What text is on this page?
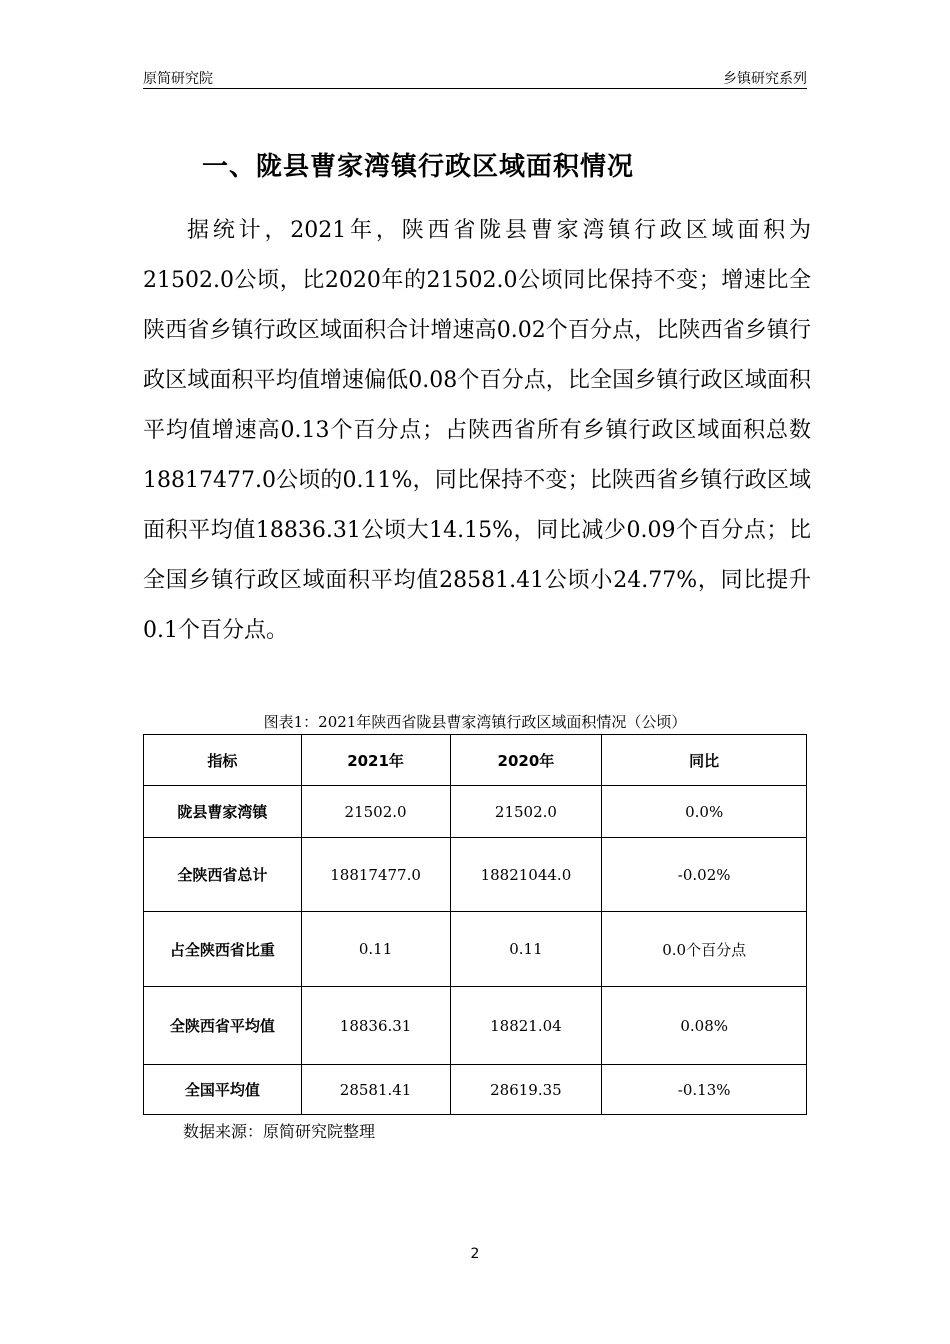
原简研究院	乡镇研究系列
一、陇县曹家湾镇行政区域面积情况

据统计，2021年，陕西省陇县曹家湾镇行政区域面积为21502.0公顷，比2020年的21502.0公顷同比保持不变；增速比全陕西省乡镇行政区域面积合计增速高0.02个百分点，比陕西省乡镇行政区域面积平均值增速偏低0.08个百分点，比全国乡镇行政区域面积平均值增速高0.13个百分点；占陕西省所有乡镇行政区域面积总数18817477.0公顷的0.11%，同比保持不变；比陕西省乡镇行政区域面积平均值18836.31公顷大14.15%，同比减少0.09个百分点；比全国乡镇行政区域面积平均值28581.41公顷小24.77%，同比提升0.1个百分点。

图表1：2021年陕西省陇县曹家湾镇行政区域面积情况（公顷）
指标	2021年	2020年	同比
陇县曹家湾镇	21502.0	21502.0	0.0%
全陕西省总计	18817477.0	18821044.0	-0.02%
占全陕西省比重	0.11	0.11	0.0个百分点
全陕西省平均值	18836.31	18821.04	0.08%
全国平均值	28581.41	28619.35	-0.13%
数据来源：原简研究院整理
2
